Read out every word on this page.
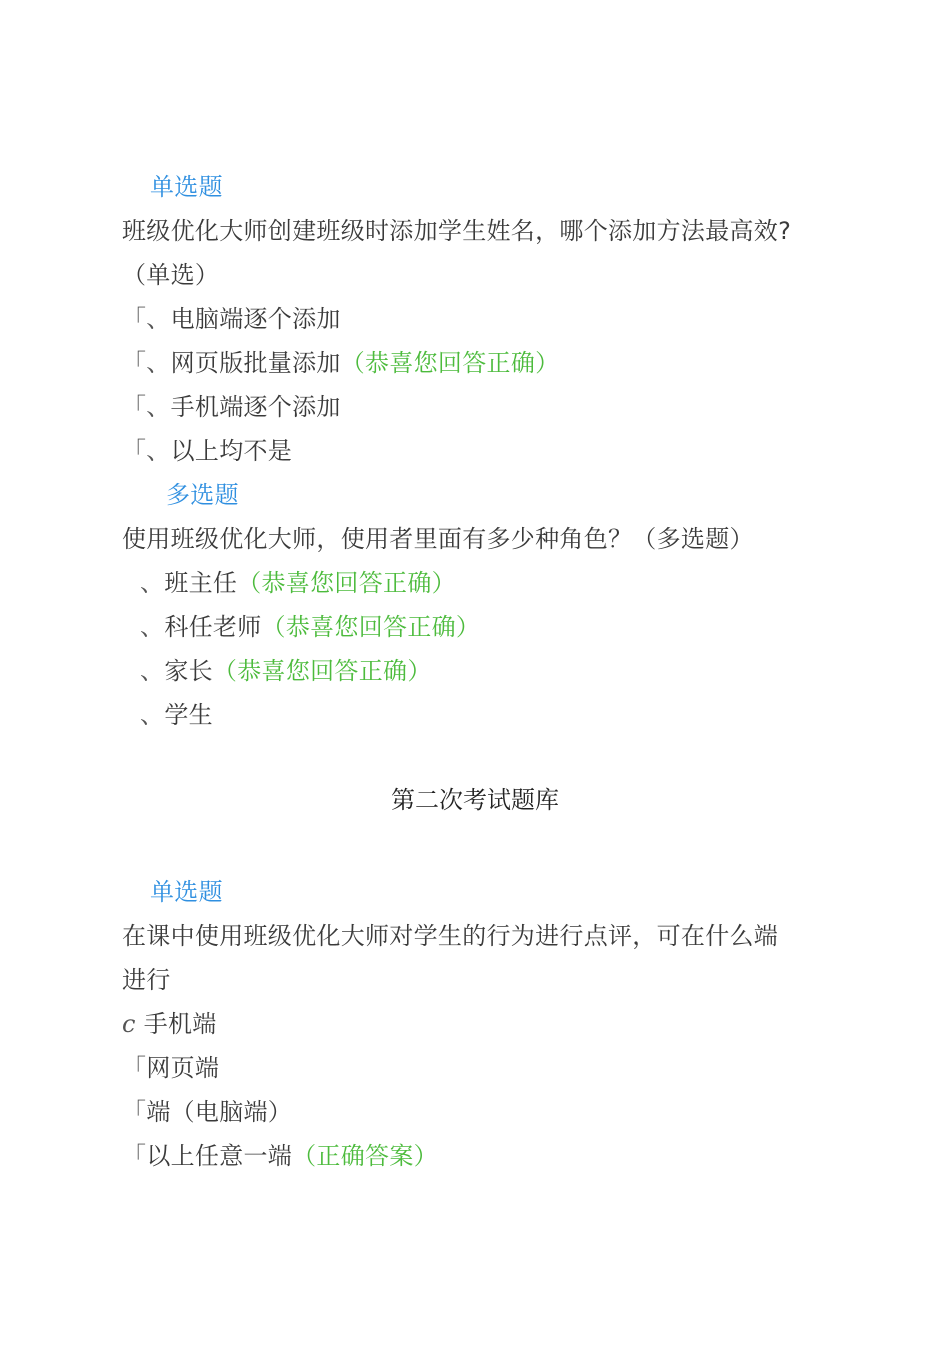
单选题
班级优化大师创建班级时添加学生姓名，哪个添加方法最高效?
（单选）
「、电脑端逐个添加
「、网页版批量添加（恭喜您回答正确）
「、手机端逐个添加
「、以上均不是
多选题
使用班级优化大师，使用者里面有多少种角色？（多选题）
、班主任（恭喜您回答正确）
、科任老师（恭喜您回答正确）
、家长（恭喜您回答正确）
、学生
第二次考试题库
单选题
在课中使用班级优化大师对学生的行为进行点评，可在什么端
进行
c 手机端
「网页端
「端（电脑端）
「以上任意一端（正确答案）
